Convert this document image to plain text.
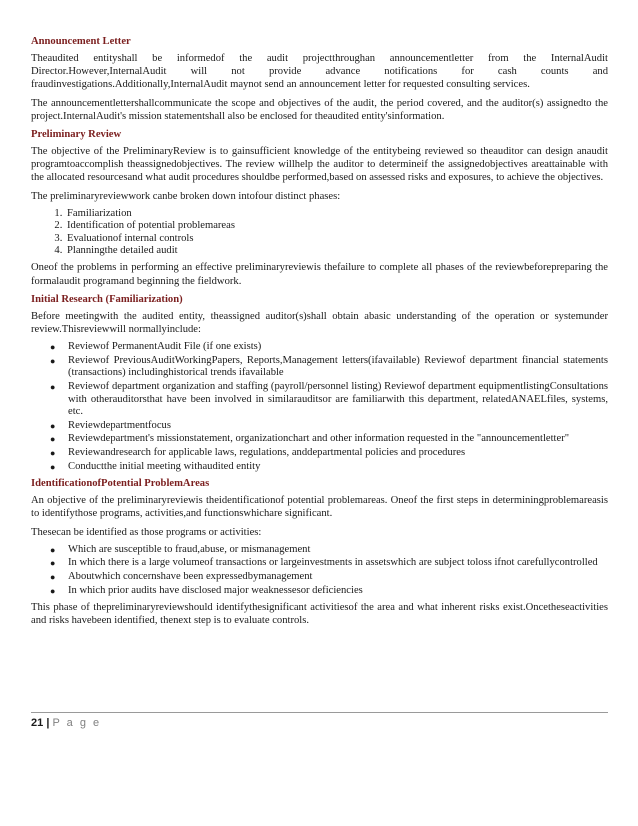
Announcement Letter

Theaudited entityshall be informedof the audit projectthroughan announcementletter from the InternalAudit Director.However,InternalAudit will not provide advance notifications for cash counts and fraudinvestigations.Additionally,InternalAudit maynot send an announcement letter for requested consulting services.

The announcementlettershallcommunicate the scope and objectives of the audit, the period covered, and the auditor(s) assignedto the project.InternalAudit's mission statementshall also be enclosed for theaudited entity'sinformation.

Preliminary Review

The objective of the PreliminaryReview is to gainsufficient knowledge of the entitybeing reviewed so theauditor can design anaudit programtoaccomplish theassignedobjectives. The review willhelp the auditor to determineif the assignedobjectives areattainable with the allocated resourcesand what audit procedures shouldbe performed,based on assessed risks and exposures, to achieve the objectives.

The preliminaryreviewwork canbe broken down intofour distinct phases:

1. Familiarization
2. Identification of potential problemareas
3. Evaluationof internal controls
4. Planningthe detailed audit

Oneof the problems in performing an effective preliminaryreviewis thefailure to complete all phases of the reviewbeforepreparing the formalaudit programand beginning the fieldwork.

Initial Research (Familiarization)

Before meetingwith the audited entity, theassigned auditor(s)shall obtain abasic understanding of the operation or systemunder review.Thisreviewwill normallyinclude:

● Reviewof PermanentAudit File (if one exists)
● Reviewof PreviousAuditWorkingPapers, Reports,Management letters(ifavailable) Reviewof department financial statements (transactions) includinghistorical trends ifavailable
● Reviewof department organization and staffing (payroll/personnel listing) Reviewof department equipmentlistingConsultations with otherauditorsthat have been involved in similarauditsor are familiarwith this department, relatedANAELfiles, systems, etc.
● Reviewdepartmentfocus
● Reviewdepartment's missionstatement, organizationchart and other information requested in the "announcementletter"
● Reviewandresearch for applicable laws, regulations, anddepartmental policies and procedures
● Conductthe initial meeting withaudited entity
IdentificationofPotential ProblemAreas

An objective of the preliminaryreviewis theidentificationof potential problemareas. Oneof the first steps in determiningproblemareasis to identifythose programs, activities,and functionswhichare significant.

Thesecan be identified as those programs or activities:

● Which are susceptible to fraud,abuse, or mismanagement
● In which there is a large volumeof transactions or largeinvestments in assetswhich are subject toloss ifnot carefullycontrolled
● Aboutwhich concernshave been expressedbymanagement
● In which prior audits have disclosed major weaknessesor deficiencies

This phase of thepreliminaryreviewshould identifythesignificant activitiesof the area and what inherent risks exist.Oncetheseactivities and risks havebeen identified, thenext step is to evaluate controls.

21 | P a g e
